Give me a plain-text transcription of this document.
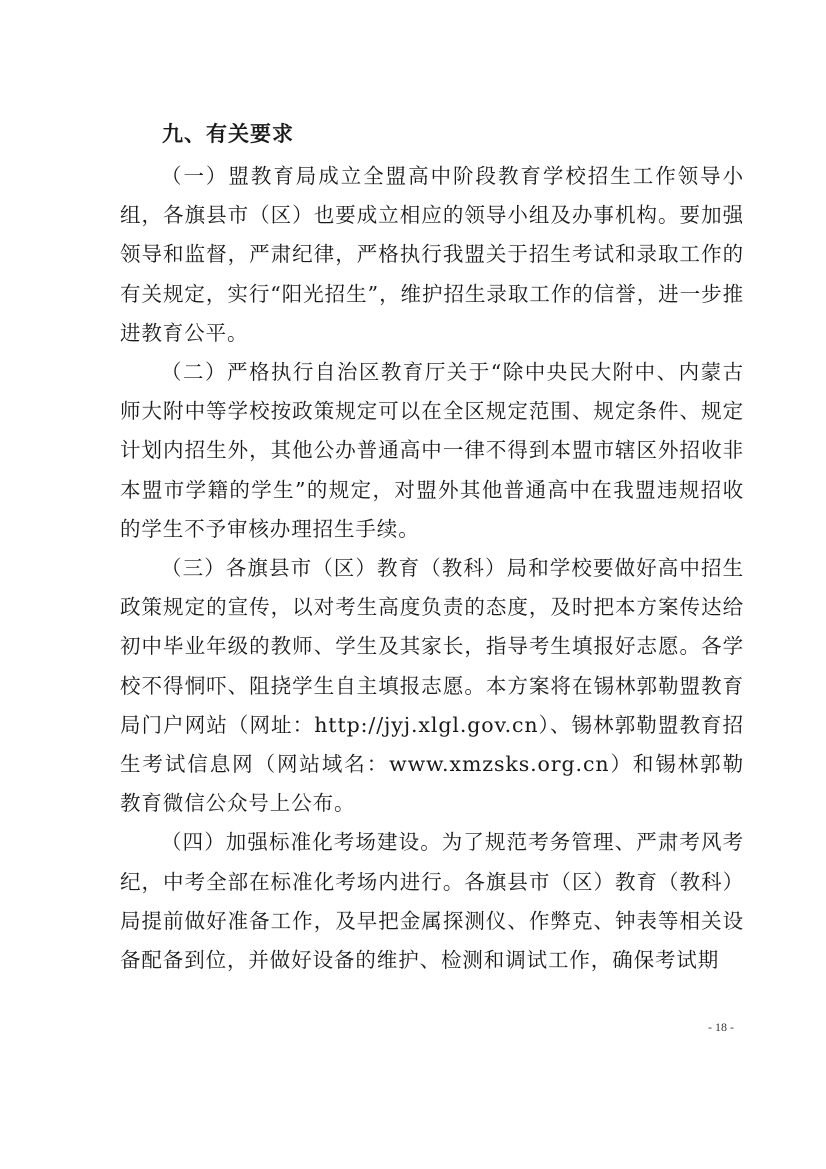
九、有关要求

（一）盟教育局成立全盟高中阶段教育学校招生工作领导小组，各旗县市（区）也要成立相应的领导小组及办事机构。要加强领导和监督，严肃纪律，严格执行我盟关于招生考试和录取工作的有关规定，实行“阳光招生”，维护招生录取工作的信誉，进一步推进教育公平。

（二）严格执行自治区教育厅关于“除中央民大附中、内蒙古师大附中等学校按政策规定可以在全区规定范围、规定条件、规定计划内招生外，其他公办普通高中一律不得到本盟市辖区外招收非本盟市学籍的学生”的规定，对盟外其他普通高中在我盟违规招收的学生不予审核办理招生手续。

（三）各旗县市（区）教育（教科）局和学校要做好高中招生政策规定的宣传，以对考生高度负责的态度，及时把本方案传达给初中毕业年级的教师、学生及其家长，指导考生填报好志愿。各学校不得恫吓、阻挠学生自主填报志愿。本方案将在锡林郭勒盟教育局门户网站（网址：http://jyj.xlgl.gov.cn）、锡林郭勒盟教育招生考试信息网（网站域名：www.xmzsks.org.cn）和锡林郭勒教育微信公众号上公布。

（四）加强标准化考场建设。为了规范考务管理、严肃考风考纪，中考全部在标准化考场内进行。各旗县市（区）教育（教科）局提前做好准备工作，及早把金属探测仪、作弊克、钟表等相关设备配备到位，并做好设备的维护、检测和调试工作，确保考试期

- 18 -
